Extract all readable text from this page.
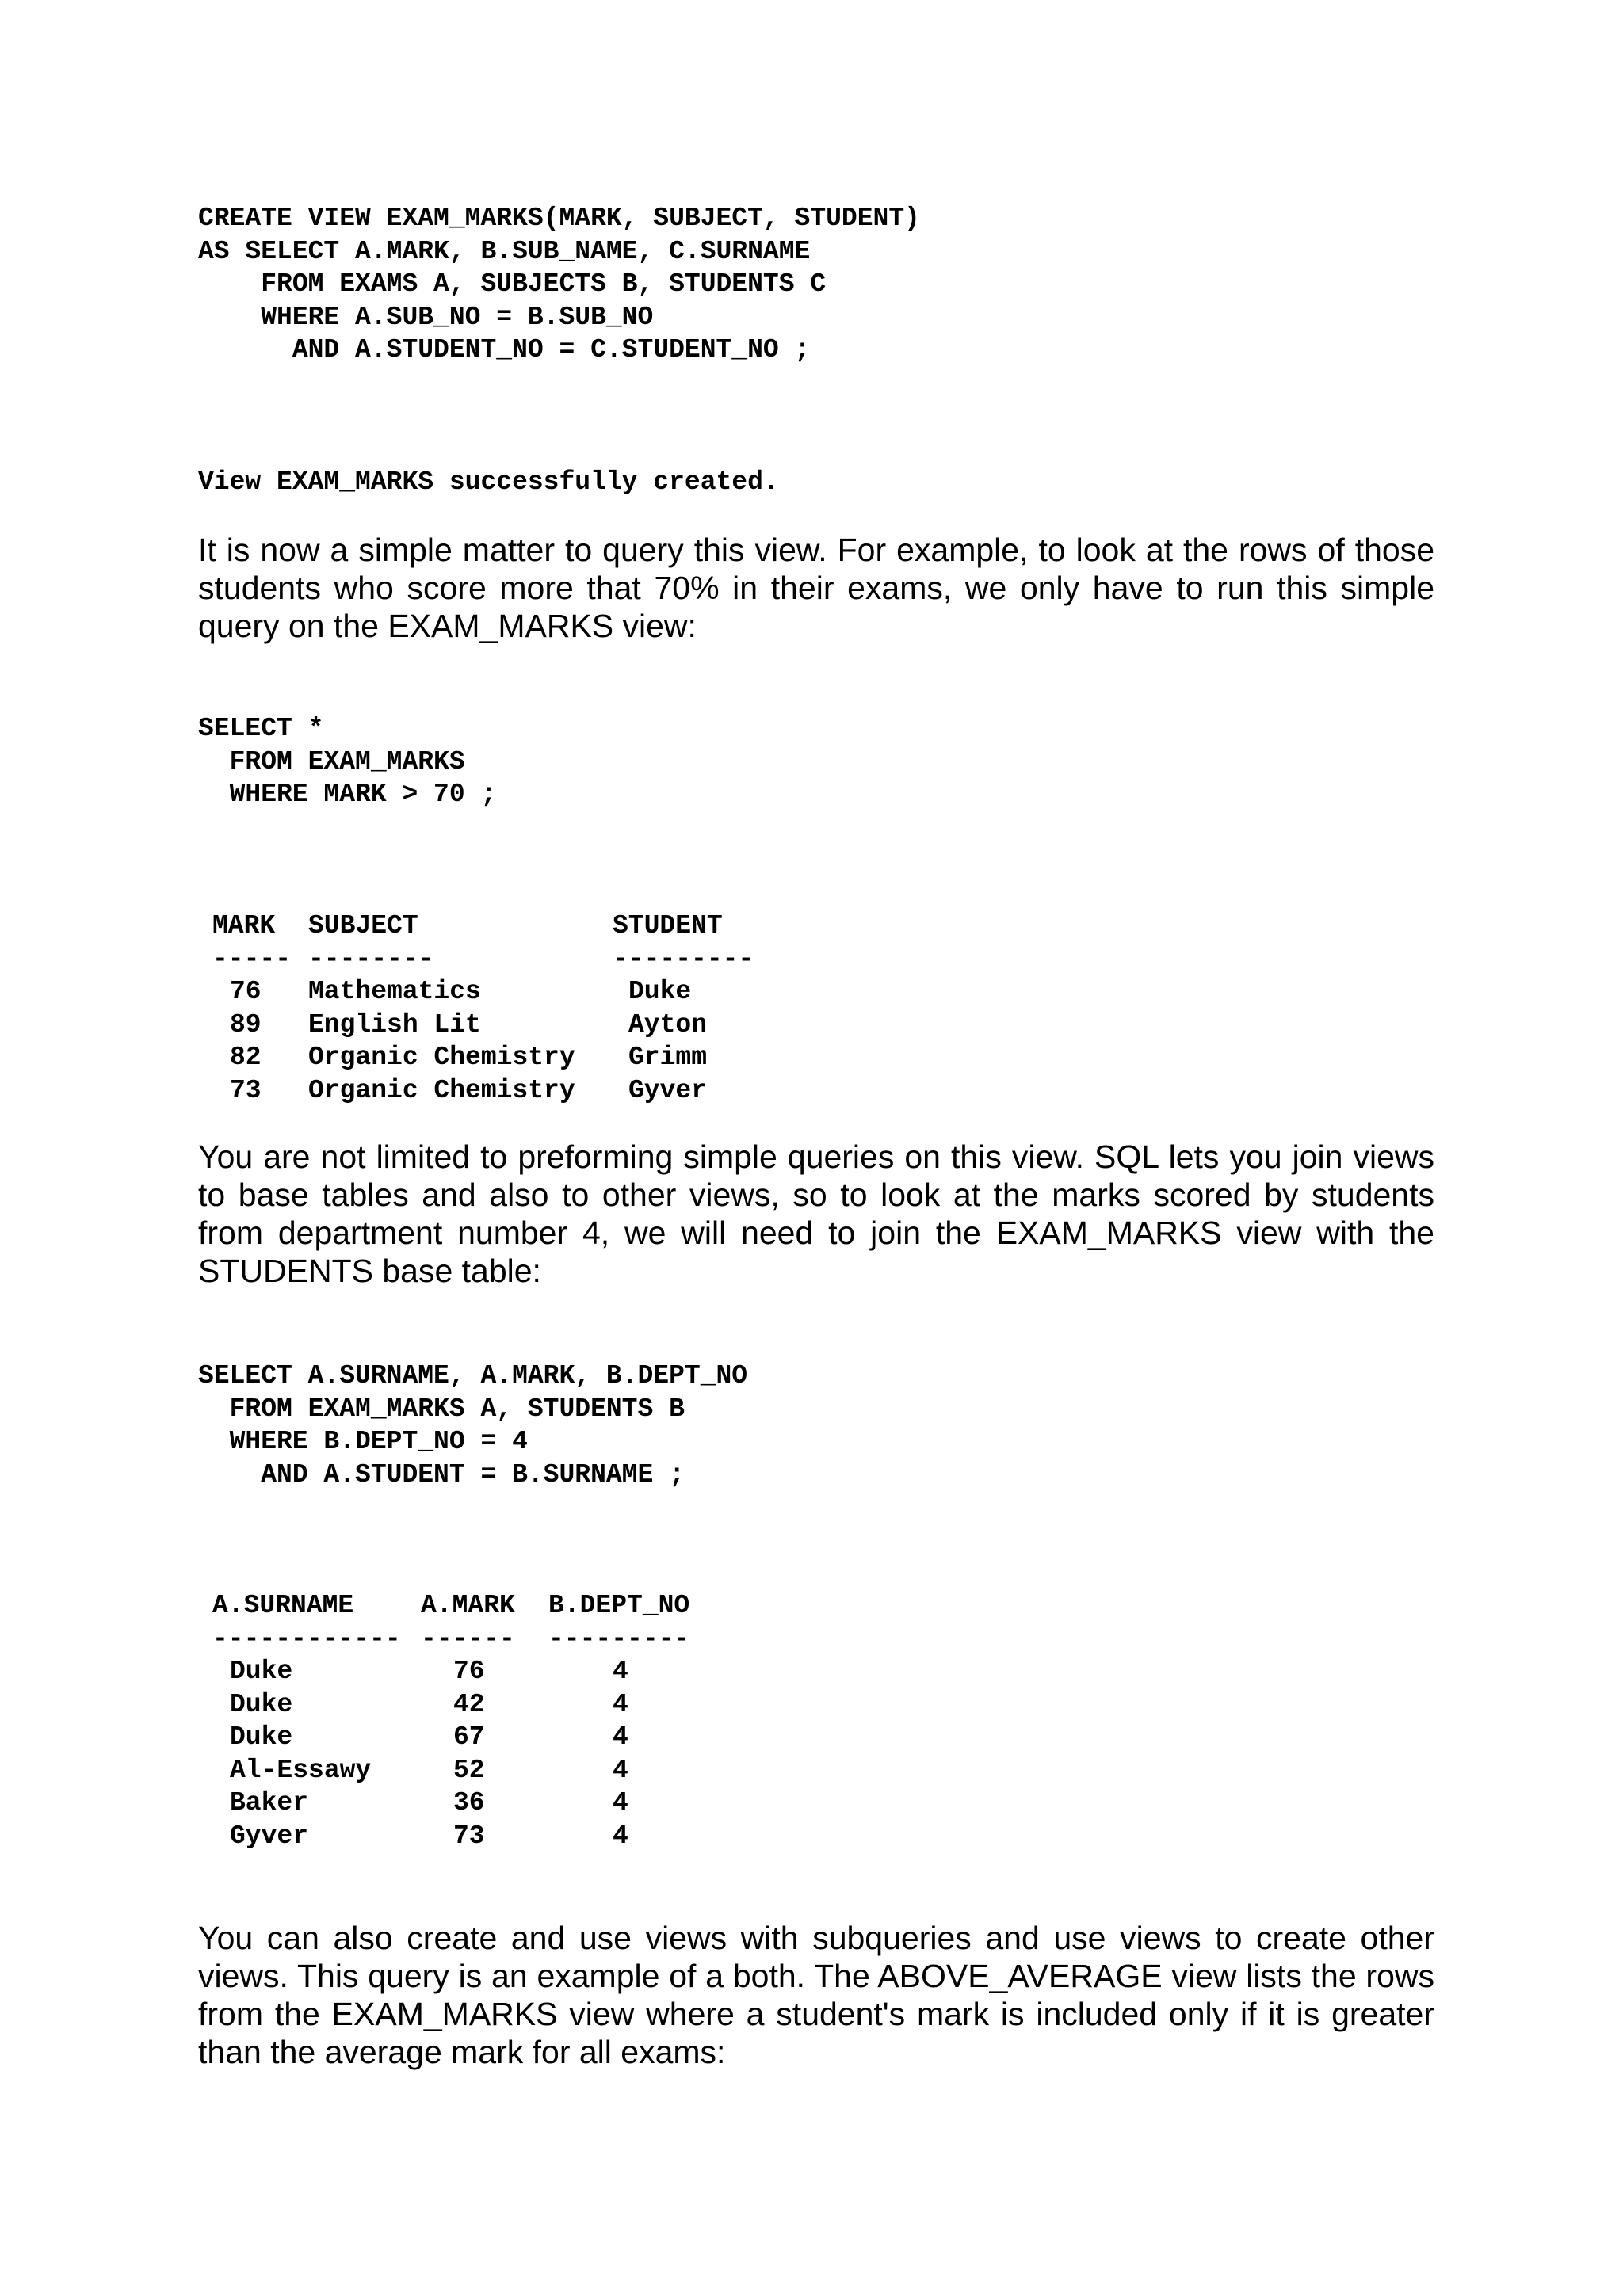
CREATE VIEW EXAM_MARKS(MARK, SUBJECT, STUDENT)
AS SELECT A.MARK, B.SUB_NAME, C.SURNAME
FROM EXAMS A, SUBJECTS B, STUDENTS C
WHERE A.SUB_NO = B.SUB_NO
AND A.STUDENT_NO = C.STUDENT_NO ;
View EXAM_MARKS successfully created.

It is now a simple matter to query this view. For example, to look at the rows of those students who score more that 70% in their exams, we only have to run this simple query on the EXAM_MARKS view:

SELECT *
FROM EXAM_MARKS
WHERE MARK > 70 ;
MARK SUBJECT	STUDENT
----- --------	---------
76 Mathematics	Duke
89 English Lit	Ayton
82 Organic Chemistry Grimm
73 Organic Chemistry Gyver

You are not limited to preforming simple queries on this view. SQL lets you join views to base tables and also to other views, so to look at the marks scored by students from department number 4, we will need to join the EXAM_MARKS view with the STUDENTS base table:

SELECT A.SURNAME, A.MARK, B.DEPT_NO
FROM EXAM_MARKS A, STUDENTS B
WHERE B.DEPT_NO = 4
AND A.STUDENT = B.SURNAME ;
A.SURNAME	A.MARK B.DEPT_NO
------------ ------ ---------
Duke	76	4
Duke	42	4
Duke	67	4
Al-Essawy	52	4
Baker	36	4
Gyver	73	4

You can also create and use views with subqueries and use views to create other views. This query is an example of a both. The ABOVE_AVERAGE view lists the rows from the EXAM_MARKS view where a student's mark is included only if it is greater than the average mark for all exams:
